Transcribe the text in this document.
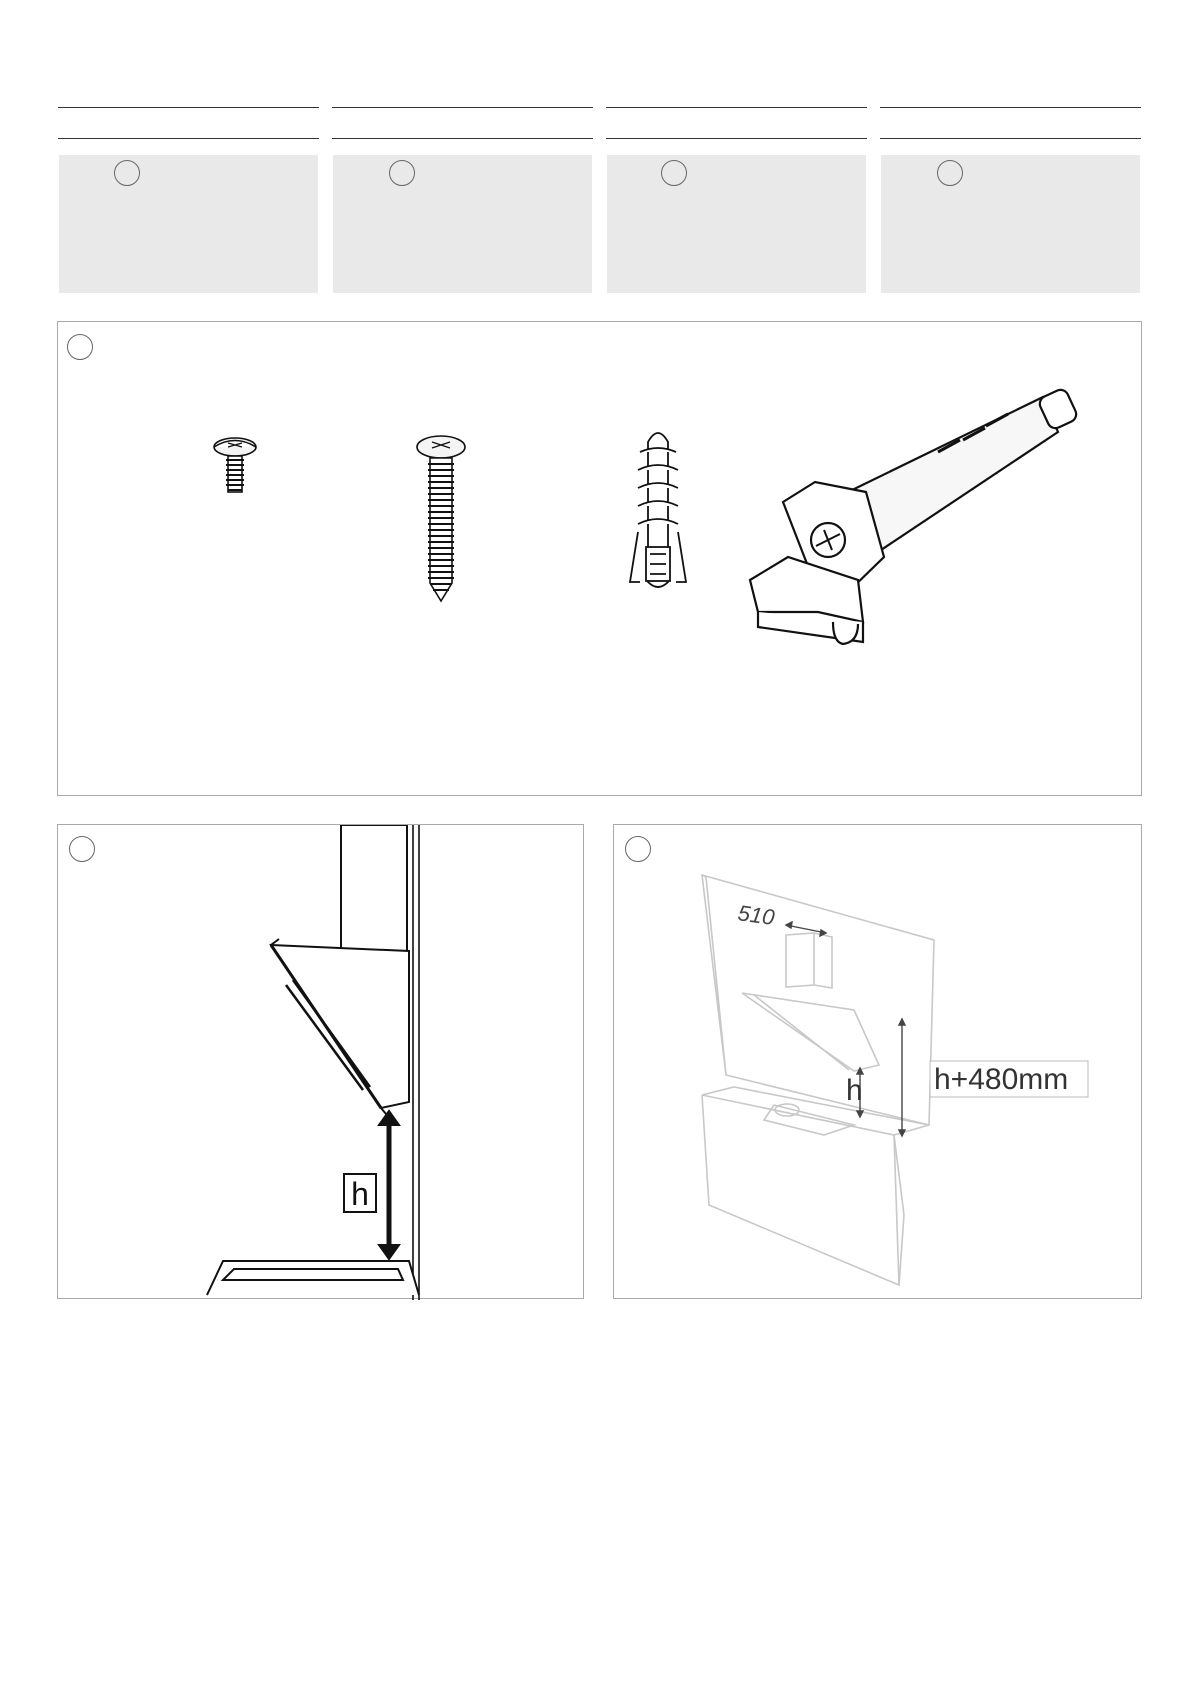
h
510
h h+480mm
